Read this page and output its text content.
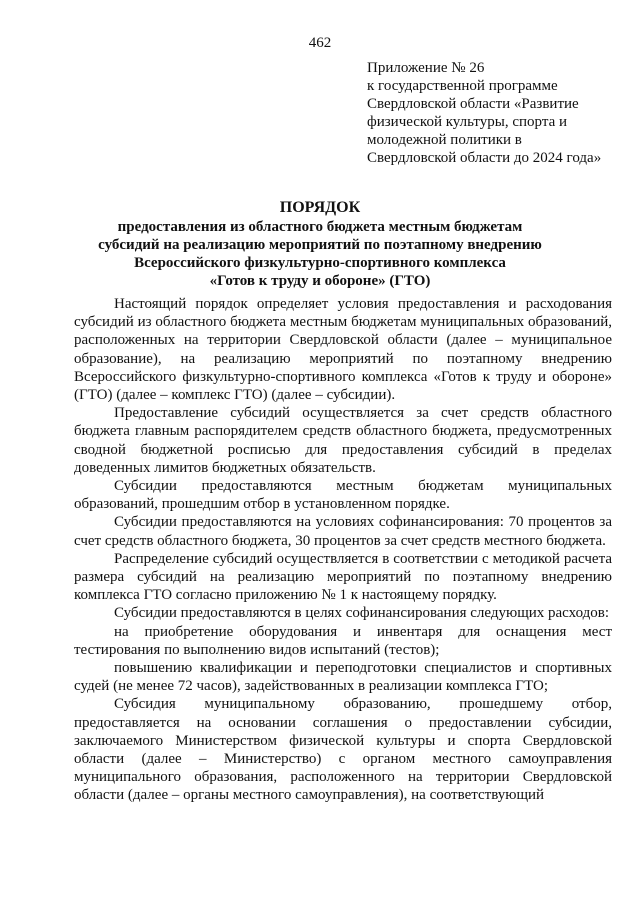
462
Приложение № 26
к государственной программе
Свердловской области «Развитие
физической культуры, спорта и
молодежной политики в
Свердловской области до 2024 года»
ПОРЯДОК
предоставления из областного бюджета местным бюджетам
субсидий на реализацию мероприятий по поэтапному внедрению
Всероссийского физкультурно-спортивного комплекса
«Готов к труду и обороне» (ГТО)

Настоящий порядок определяет условия предоставления и расходования субсидий из областного бюджета местным бюджетам муниципальных образований, расположенных на территории Свердловской области (далее – муниципальное образование), на реализацию мероприятий по поэтапному внедрению Всероссийского физкультурно-спортивного комплекса «Готов к труду и обороне» (ГТО) (далее – комплекс ГТО) (далее – субсидии).

Предоставление субсидий осуществляется за счет средств областного бюджета главным распорядителем средств областного бюджета, предусмотренных сводной бюджетной росписью для предоставления субсидий в пределах доведенных лимитов бюджетных обязательств.

Субсидии предоставляются местным бюджетам муниципальных образований, прошедшим отбор в установленном порядке.

Субсидии предоставляются на условиях софинансирования: 70 процентов за счет средств областного бюджета, 30 процентов за счет средств местного бюджета.

Распределение субсидий осуществляется в соответствии с методикой расчета размера субсидий на реализацию мероприятий по поэтапному внедрению комплекса ГТО согласно приложению № 1 к настоящему порядку.

Субсидии предоставляются в целях софинансирования следующих расходов:

на приобретение оборудования и инвентаря для оснащения мест тестирования по выполнению видов испытаний (тестов);

повышению квалификации и переподготовки специалистов и спортивных судей (не менее 72 часов), задействованных в реализации комплекса ГТО;

Субсидия муниципальному образованию, прошедшему отбор, предоставляется на основании соглашения о предоставлении субсидии, заключаемого Министерством физической культуры и спорта Свердловской области (далее – Министерство) с органом местного самоуправления муниципального образования, расположенного на территории Свердловской области (далее – органы местного самоуправления), на соответствующий
